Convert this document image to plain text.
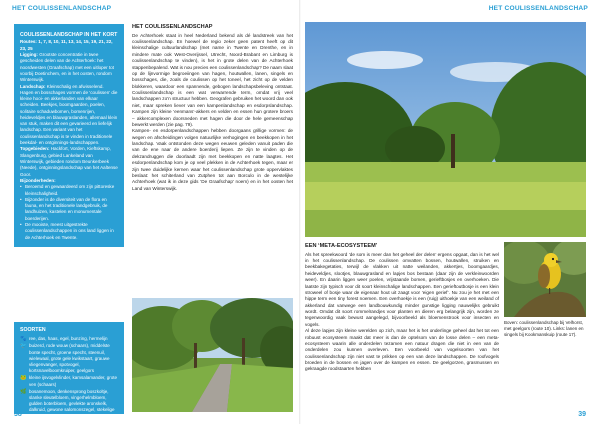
HET COULISSENLANDSCHAP	HET COULISSENLANDSCHAP

COULISSENLANDSCHAP IN HET KORT

Routes: 1, 7, 8, 10, 11, 13, 14, 15, 19, 21, 22, 23, 25

Ligging: Grootste concentratie in twee gescheiden delen van de Achterhoek: het noordwesten (Graafschap) met een uitloper tot voorbij Doetinchem, en in het oosten, rondom Winterswijk.

Landschap: Kleinschalig en afwisselend. Hagen en bosschages vormen de ‘coulissen’ die kleine hooi- en akkerlanden van elkaar scheiden. Beekjes, boomgaarden, poelen, solitaire schaduwbomen, bomenrijen, heideveldjes en blauwgraslanden, allemaal klein van stuk, maken dit een gevarieerd en liefelijk landschap. Een variant van het coulissenlandschap is te vinden in traditionele beekdal- en ontginnings-landschappen.

Topgebieden: Hackfort, Vorden, Kieftskamp, Slangenburg, gebied Lankeland van Winterswijk, gebieden rondom Beunkerbeek (Neede), ontginningslandschap van het Aaltense Goor.

Bijzonderheden:

• Beroemd en gewaardeerd om zijn pittoreske kleinschaligheid.
• Bijzonder is de diversiteit van de flora en fauna, en het traditionele landgebruik, de landhuizen, kastelen en monumentale boerderijen.
• De mooiste, meest uitgestrekte coulissenlandschappen in ons land liggen in de Achterhoek en Twente.
SOORTEN
🐾 ree, das, haas, egel, bunzing, hermelijn
🐦 buizerd, rode wouw (schaars), middelste bonte specht, groene specht, steenuil, wielewaal, grote gele kwikstaart, grauwe vliegenvanger, spotvogel, kortsnavelboomkruiper, geelgors
🐸 kleine ijsvogelvlinder, kamsalamander, grote ven (schaars)
🌿 bosanemoon, denkensprong boszkoltje, slanke sleutelbloem, vingerhelmbloem, gulden boterbloem, gevlekte aronskelk, dalkruid, gewone salomonszegel, stekelige van dalen
HET COULISSENLANDSCHAP

De Achterhoek staat in heel Nederland bekend als dé landstreek van het coulissenlandschap. En hoewel de regio zeker geen patent heeft op dit kleinschalige cultuurlandschap (met name in Twente en Drenthe, en in mindere mate ook West-Overijssel, Utrecht, Noord-Brabant en Limburg is coulissenlandschap te vinden), is het in grote delen van de Achterhoek stappenbepalend. Wat is nou precies een coulissenlandschap? De naam slaat op de lijnvormige begroeiingen van hagen, houtwallen, lanen, singels en bosschages, die, zoals de coulissen op het toneel, het zicht op de velden blokkeren, waardoor een spannende, gebogen landschapsbeleving ontstaat. Coulissenlandschap is een wat verwarrende term, omdat vrij veel landschappen zo’n structuur hebben. Geografen gebruiken het woord dan ook niet, maar spreken liever van een kampenlandschap en esdorpslandschap. Kampen zijn kleine ‘eenmans’-akkers en velden en essen hun grotere broers – akkercomplexen doorsneden met hagen die door de hele gemeenschap bewerkt werden (zie pag. 79).

Kampen- en esdorpenlandschappen hebben doorgaans grillige vormen: de wegen en afscheidingen volgen natuurlijke verhogingen en beekkopen in het landschap. Vaak ontstonden deze wegen eeuwen geleden vanuit paden die van de ene naar de andere boerderij liepen. Ze zijn te vinden op de dekzandruggen die doorlaadt zijn met beekkopen en natte laagtes. Het esdorpenlandschap kom je op veel plekken in de Achterhoek tegen, maar er zijn twee duidelijke kernen waar het coulissenlandschap grote oppervlaktes beslaat: het schiterland van Zutphen tot aan Borculo in de westelijke Achterhoek (wat ik in deze gids ‘De Graafschap’ noem) en in het oosten het Land van Winterswijk.

EEN ‘META-ECOSYSTEEM’

Als het spreekwoord ‘de som is meer dan het geheel der delen’ ergens opgaat, dan is het wel in het coulissenlandschap. De coulissen omvatten bossen, houtwallen, struiken en beekbakegetaties, terwijl de vlakken uit natte weilanden, akkertjes, boomgaardjes, heideveldjes, slootjes, blauwgrasland en lapjes bos bestaan (daar zijn de verkleinwoorden weer). En daarin liggen weer poelen, vrijstaande bomen, gerieftbosjes en overhoeken. Die laatste zijn typisch voor dit soort kleinschalige landschappen. Een gerieftoutbosje is een klein stroweel of bosje waar de eigenaar hout uit zaagt voor ‘eigen gerief’. Nu zou je het met een hippe term een tiny forest noemen. Een overhoekje is een (ruig) uithoekje van een weiland of akkerland dat vanwege een landbouwkundig minder gunstige ligging nauwelijks gebruikt wordt. Omdat dit soort rommelrandjes voor planten en dieren erg belangrijk zijn, worden ze tegenwoordig vaak bewust aangelegd, bijvoorbeeld als bloemenstrook voor insecten en vogels.

Al deze lapjes zijn kleine werelden op zich, maar het is het onderlinge geheel dat het tot een robuust ecosysteem maakt dat meer is dan de optelsom van de losse delen – een meta-ecosysteem waarin alle onderdelen tezamen een natuur dragen die niet in een van de onderdelen zou kunnen overleven. Een voorbeeld van vogelsoorten van het coulissenlandschap zijn niet vast te prikken op een van deze landschappen. De roofvogels broeden in de bossen en jagen over de kampen en essen. De geelgorzen, grasmussen en gekraagde roodstaarten hebben

Boven: coulissenlandschap bij Velhorst, met geelgors (route 10). Links: lanen en singels bij Kookmanskuip (route 17).
38	39
